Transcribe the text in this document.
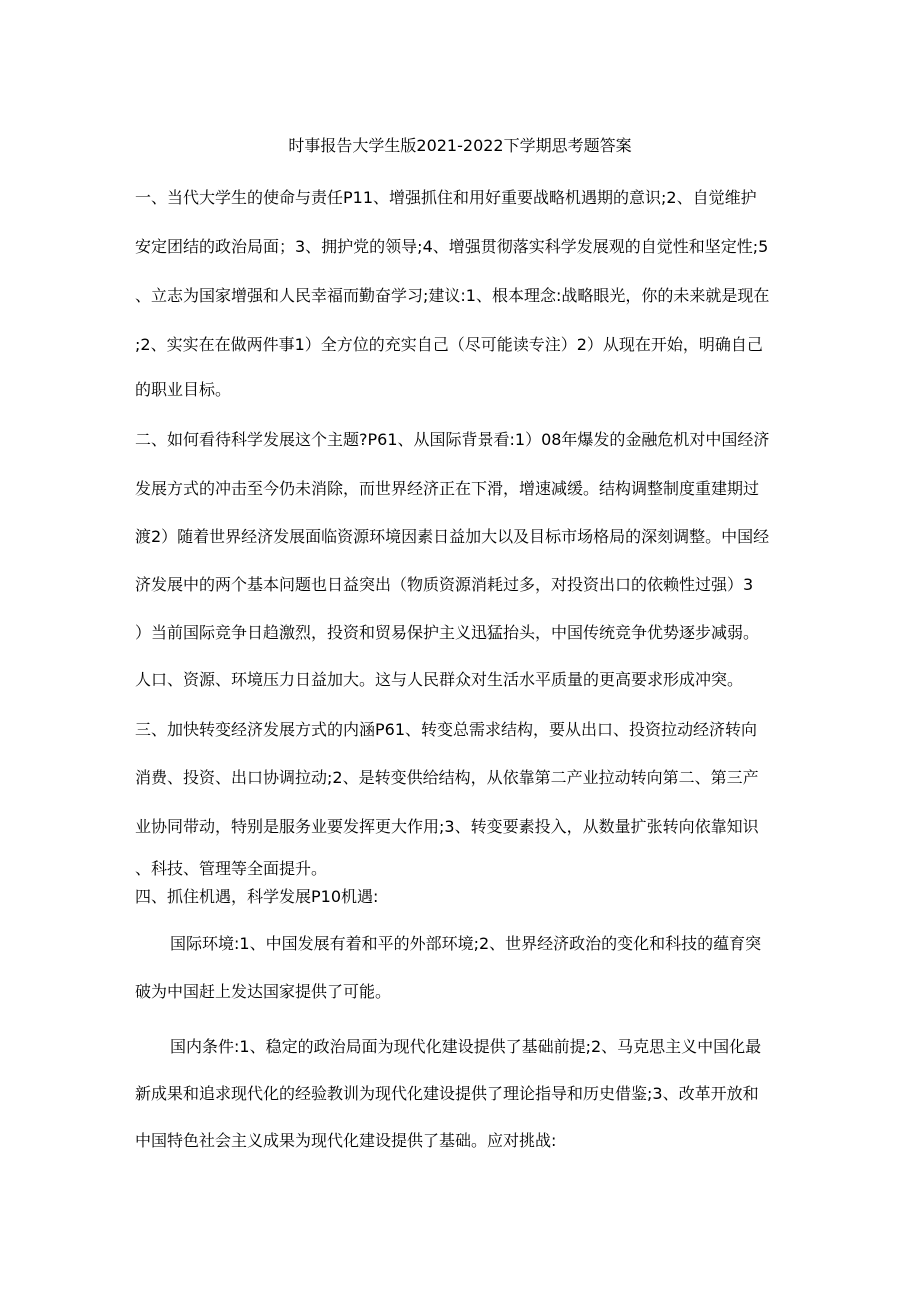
时事报告大学生版2021-2022下学期思考题答案
一、当代大学生的使命与责任P11、增强抓住和用好重要战略机遇期的意识;2、自觉维护
安定团结的政治局面；3、拥护党的领导;4、增强贯彻落实科学发展观的自觉性和坚定性;5
、立志为国家增强和人民幸福而勤奋学习;建议:1、根本理念:战略眼光，你的未来就是现在
;2、实实在在做两件事1）全方位的充实自己（尽可能读专注）2）从现在开始，明确自己
的职业目标。
二、如何看待科学发展这个主题?P61、从国际背景看:1）08年爆发的金融危机对中国经济
发展方式的冲击至今仍未消除，而世界经济正在下滑，增速减缓。结构调整制度重建期过
渡2）随着世界经济发展面临资源环境因素日益加大以及目标市场格局的深刻调整。中国经
济发展中的两个基本问题也日益突出（物质资源消耗过多，对投资出口的依赖性过强）3
）当前国际竞争日趋激烈，投资和贸易保护主义迅猛抬头，中国传统竞争优势逐步减弱。
人口、资源、环境压力日益加大。这与人民群众对生活水平质量的更高要求形成冲突。
三、加快转变经济发展方式的内涵P61、转变总需求结构，要从出口、投资拉动经济转向
消费、投资、出口协调拉动;2、是转变供给结构，从依靠第二产业拉动转向第二、第三产
业协同带动，特别是服务业要发挥更大作用;3、转变要素投入，从数量扩张转向依靠知识
、科技、管理等全面提升。
四、抓住机遇，科学发展P10机遇:
国际环境:1、中国发展有着和平的外部环境;2、世界经济政治的变化和科技的蕴育突
破为中国赶上发达国家提供了可能。
国内条件:1、稳定的政治局面为现代化建设提供了基础前提;2、马克思主义中国化最
新成果和追求现代化的经验教训为现代化建设提供了理论指导和历史借鉴;3、改革开放和
中国特色社会主义成果为现代化建设提供了基础。应对挑战:
